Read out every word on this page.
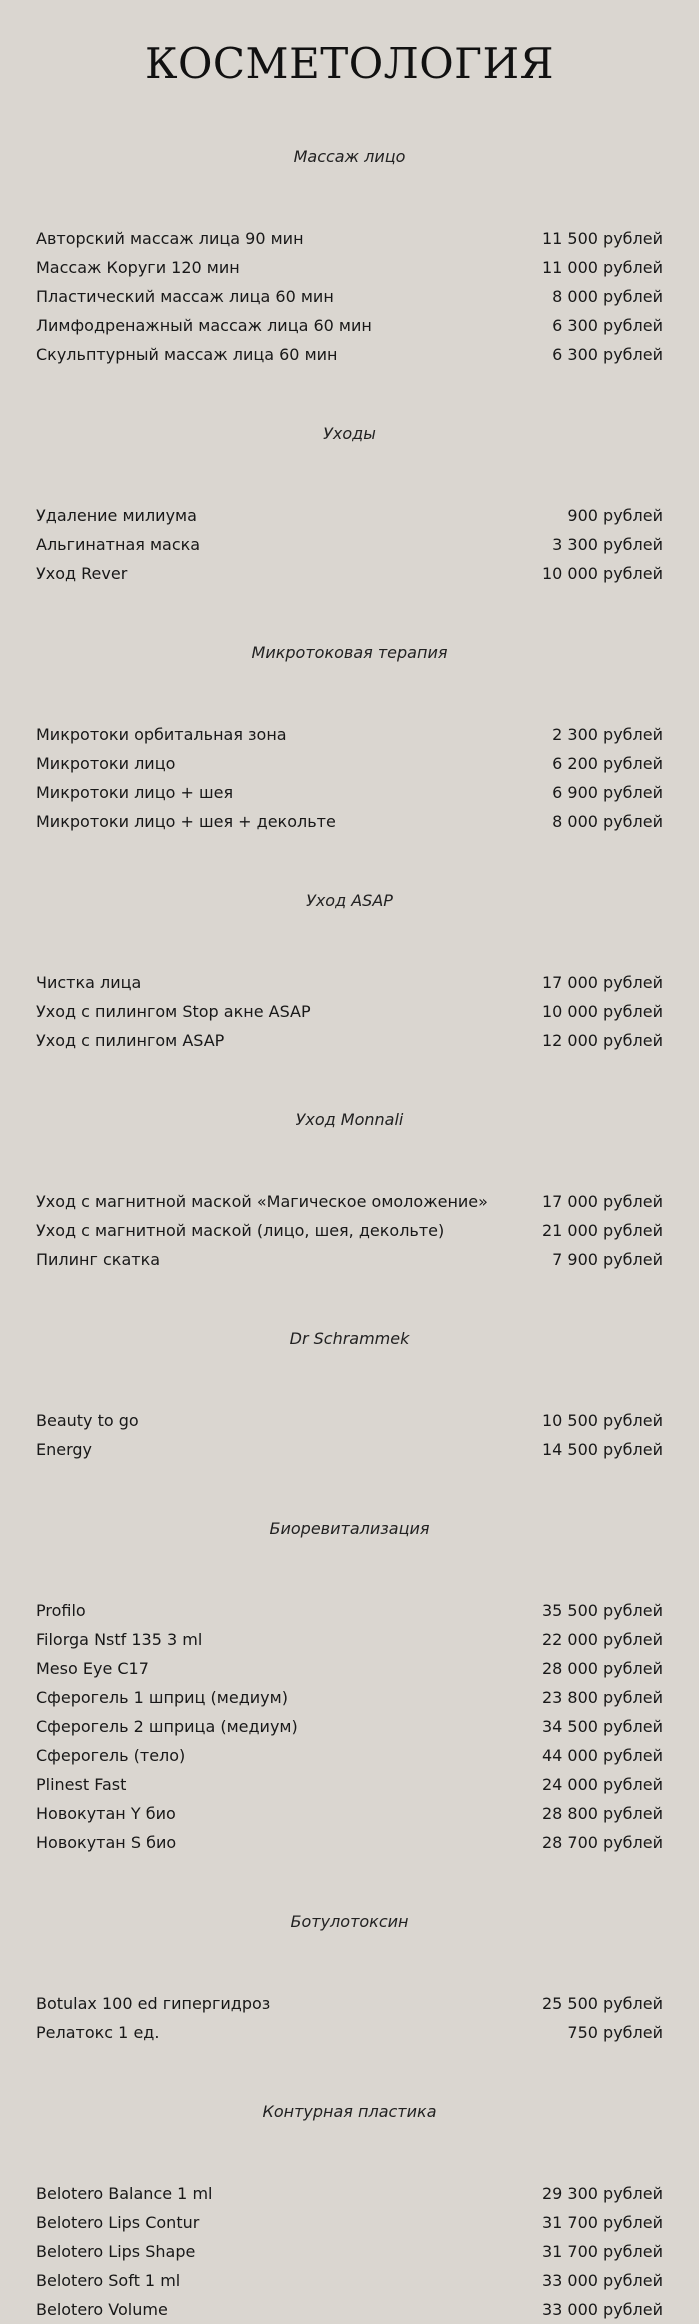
КОСМЕТОЛОГИЯ
Массаж лицо
Авторский массаж лица 90 мин	11 500 рублей
Массаж Коруги 120 мин	11 000 рублей
Пластический массаж лица 60 мин	8 000 рублей
Лимфодренажный массаж лица 60 мин	6 300 рублей
Скульптурный массаж лица 60 мин	6 300 рублей
Уходы
Удаление милиума	900 рублей
Альгинатная маска	3 300 рублей
Уход Rever	10 000 рублей
Микротоковая терапия
Микротоки орбитальная зона	2 300 рублей
Микротоки лицо	6 200 рублей
Микротоки лицо + шея	6 900 рублей
Микротоки лицо + шея + декольте	8 000 рублей
Уход ASAP
Чистка лица	17 000 рублей
Уход с пилингом Stop акне ASAP	10 000 рублей
Уход с пилингом ASAP	12 000 рублей
Уход Monnali
Уход с магнитной маской «Магическое омоложение»	17 000 рублей
Уход с магнитной маской (лицо, шея, декольте)	21 000 рублей
Пилинг скатка	7 900 рублей
Dr Schrammek
Beauty to go	10 500 рублей
Energy	14 500 рублей
Биоревитализация
Profilo	35 500 рублей
Filorga Nstf 135 3 ml	22 000 рублей
Meso Eye C17	28 000 рублей
Сферогель 1 шприц (медиум)	23 800 рублей
Сферогель 2 шприца (медиум)	34 500 рублей
Сферогель (тело)	44 000 рублей
Plinest Fast	24 000 рублей
Новокутан Y био	28 800 рублей
Новокутан S био	28 700 рублей
Ботулотоксин
Botulax 100 ed гипергидроз	25 500 рублей
Релатокс 1 ед.	750 рублей
Контурная пластика
Belotero Balance 1 ml	29 300 рублей
Belotero Lips Contur	31 700 рублей
Belotero Lips Shape	31 700 рублей
Belotero Soft 1 ml	33 000 рублей
Belotero Volume	33 000 рублей
